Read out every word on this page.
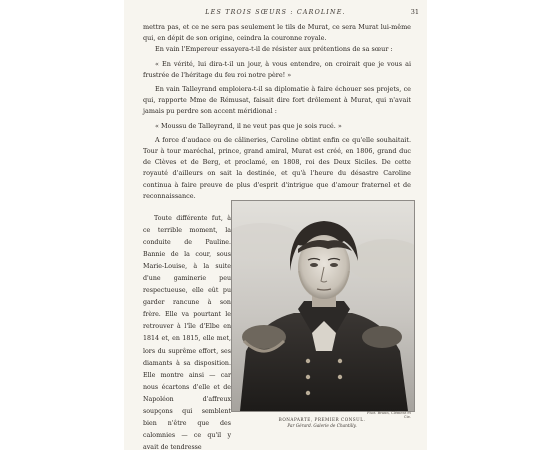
LES TROIS SŒURS : CAROLINE.	31

mettra pas, et ce ne sera pas seulement le tils de Murat, ce sera Murat lui-même qui, en dépit de son origine, ceindra la couronne royale.

En vain l'Empereur essayera-t-il de résister aux prétentions de sa sœur :

« En vérité, lui dira-t-il un jour, à vous entendre, on croirait que je vous ai frustrée de l'héritage du feu roi notre père! »

En vain Talleyrand emploiera-t-il sa diplomatie à faire échouer ses projets, ce qui, rapporte Mme de Rémusat, faisait dire fort drôlement à Murat, qui n'avait jamais pu perdre son accent méridional :

« Moussu de Talleyrand, il ne veut pas que je sois rucé. »

A force d'audace ou de câlineries, Caroline obtint enfin ce qu'elle souhaitait. Tour à tour maréchal, prince, grand amiral, Murat est créé, en 1806, grand duc de Clèves et de Berg, et proclamé, en 1808, roi des Deux Siciles. De cette royauté d'ailleurs on sait la destinée, et qu'à l'heure du désastre Caroline continua à faire preuve de plus d'esprit d'intrigue que d'amour fraternel et de reconnaissance.

Toute différente fut, à ce terrible moment, la conduite de Pauline. Bannie de la cour, sous Marie-Louise, à la suite d'une gaminerie peu respectueuse, elle eût pu garder rancune à son frère. Elle va pourtant le retrouver à l'île d'Elbe en 1814 et, en 1815, elle met, lors du suprême effort, ses diamants à sa disposition. Elle montre ainsi — car nous écartons d'elle et de Napoléon d'affreux soupçons qui semblent bien n'être que des calomnies — ce qu'il y avait de tendresse

Phot. Braun, Clément et Cie.
BONAPARTE, PREMIER CONSUL.
Par Gérard. Galerie de Chantilly.
